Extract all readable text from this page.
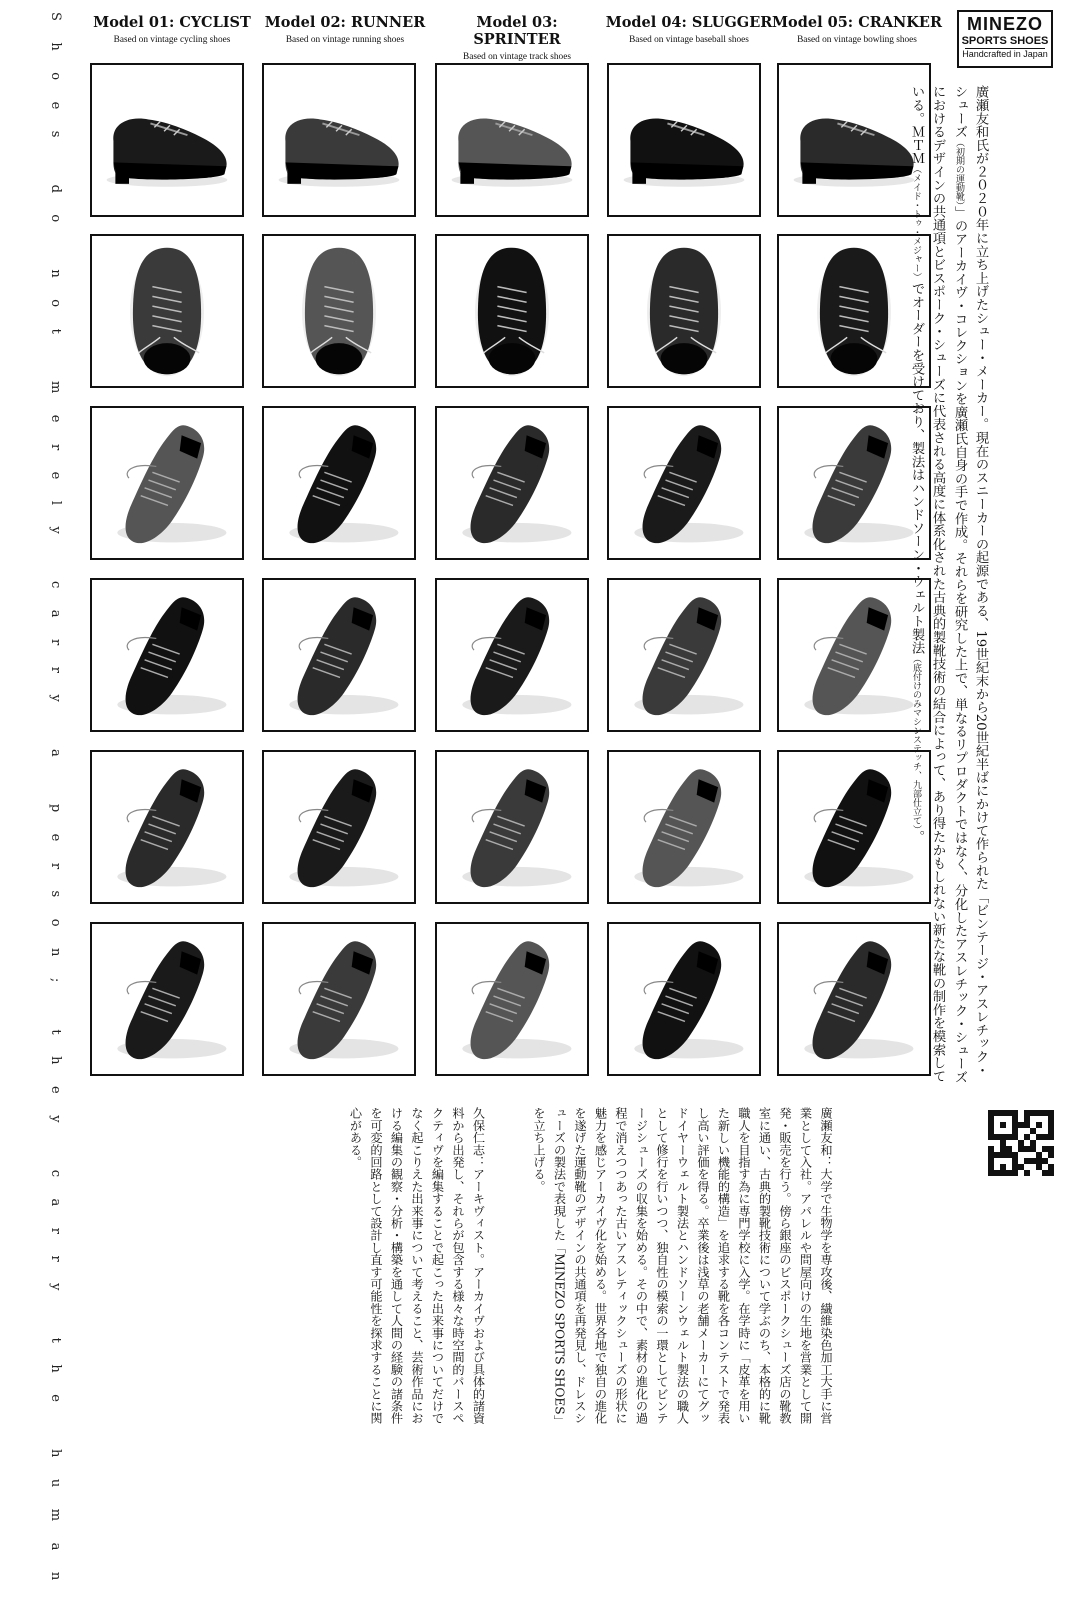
Shoes do not merely carry a person; they carry the human	Model 01: CYCLIST
Based on vintage cycling shoes
Model 02: RUNNER
Based on vintage running shoes
Model 03: SPRINTER
Based on vintage track shoes
Model 04: SLUGGER
Based on vintage baseball shoes
Model 05: CRANKER
Based on vintage bowling shoes
MINEZO
SPORTS SHOES
Handcrafted in Japan
廣瀬友和氏が２０２０年に立ち上げたシュー・メーカー。現在のスニーカーの起源である、19世紀末から20世紀半ばにかけて作られた「ビンテージ・アスレチック・シューズ（初期の運動靴）」のアーカイヴ・コレクションを廣瀬氏自身の手で作成。それらを研究した上で、単なるリプロダクトではなく、分化したアスレチック・シューズにおけるデザインの共通項とビスポーク・シューズに代表される高度に体系化された古典的製靴技術の結合によって、あり得たかもしれない新たな靴の制作を模索している。ＭＴＭ（メイド・トゥ・メジャー）でオーダーを受けており、製法はハンドソーン・ウェルト製法（底付けのみマシンステッチ、九部仕立て）。

廣瀬友和：大学で生物学を専攻後、繊維染色加工大手に営業として入社。アパレルや問屋向けの生地を営業として開発・販売を行う。傍ら銀座のビスポークシューズ店の靴教室に通い、古典的製靴技術について学ぶのち、本格的に靴職人を目指す為に専門学校に入学。在学時に「皮革を用いた新しい機能的構造」を追求する靴を各コンテストで発表し高い評価を得る。卒業後は浅草の老舗メーカーにてグッドイヤーウェルト製法とハンドソーンウェルト製法の職人として修行を行いつつ、独自性の模索の一環としてビンテージシューズの収集を始める。その中で、素材の進化の過程で消えつつあった古いアスレティックシューズの形状に魅力を感じアーカイヴ化を始める。世界各地で独自の進化を遂げた運動靴のデザインの共通項を再発見し、ドレスシューズの製法で表現した「MINEZO SPORTS SHOES」を立ち上げる。

久保仁志：アーキヴィスト。アーカイヴおよび具体的諸資料から出発し、それらが包含する様々な時空間的パースペクティヴを編集することで起こった出来事についてだけでなく起こりえた出来事について考えること、芸術作品における編集の観察・分析・構築を通して人間の経験の諸条件を可変的回路として設計し直す可能性を探求することに関心がある。
